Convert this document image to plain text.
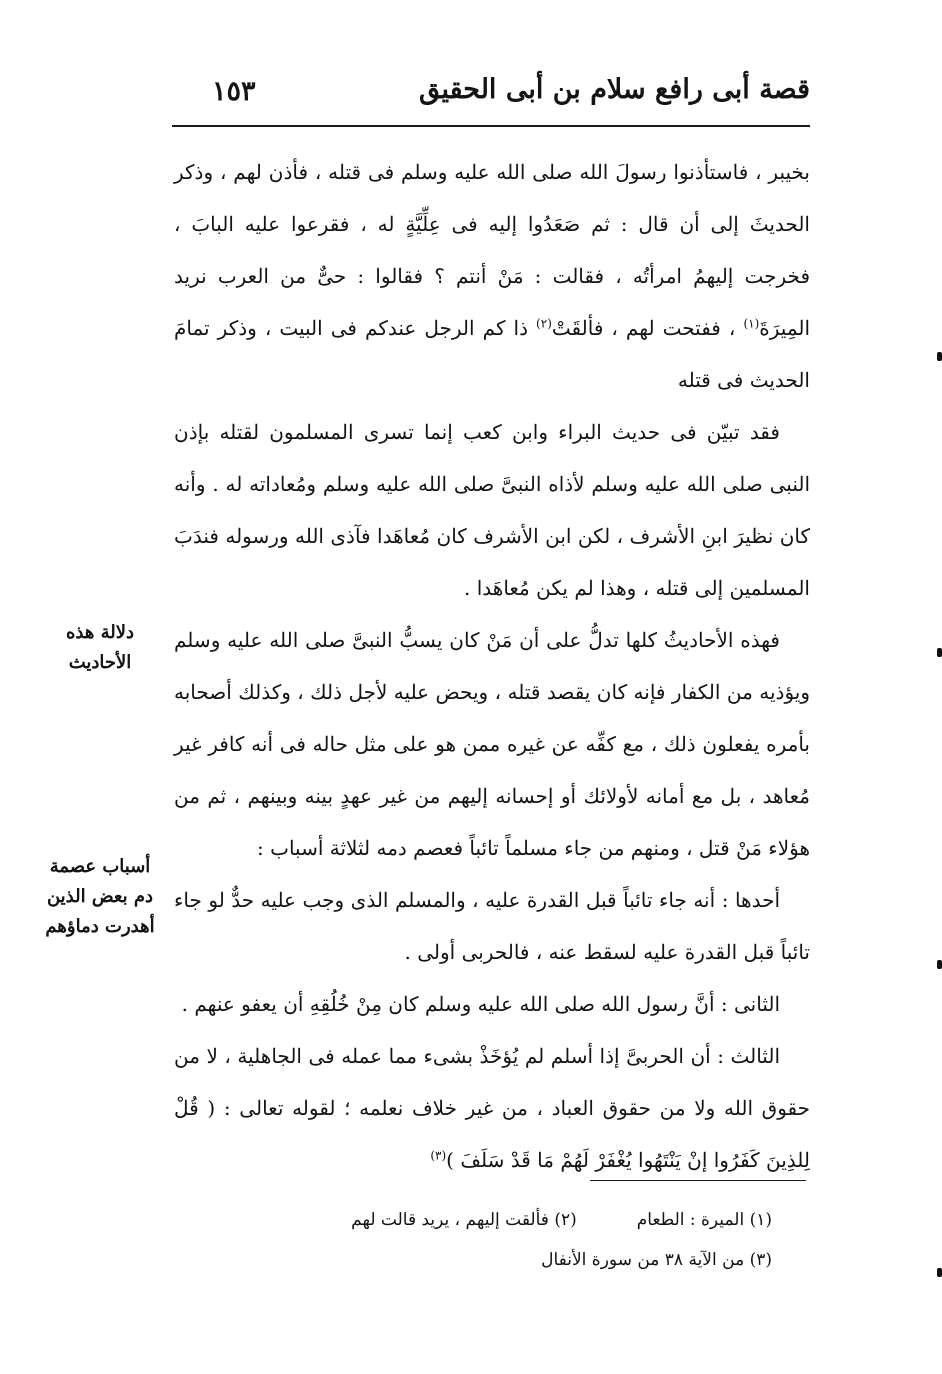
قصة أبى رافع سلام بن أبى الحقيق
١٥٣
دلالة هذه الأحاديث
أسباب عصمة دم بعض الذين أهدرت دماؤهم

بخيبر ، فاستأذنوا رسولَ الله صلى الله عليه وسلم فى قتله ، فأذن لهم ، وذكر الحديثَ إلى أن قال : ثم صَعَدُوا إليه فى عِلِّيَّةٍ له ، فقرعوا عليه البابَ ، فخرجت إليهمُ امرأتُه ، فقالت : مَنْ أنتم ؟ فقالوا : حىٌّ من العرب نريد المِيرَةَ$^{(١)}$ ، ففتحت لهم ، فألقَتْ$^{(٢)}$ ذا كم الرجل عندكم فى البيت ، وذكر تمامَ الحديث فى قتله

فقد تبيّن فى حديث البراء وابن كعب إنما تسرى المسلمون لقتله بإذن النبى صلى الله عليه وسلم لأذاه النبىَّ صلى الله عليه وسلم ومُعاداته له . وأنه كان نظيرَ ابنِ الأشرف ، لكن ابن الأشرف كان مُعاهَدا فآذى الله ورسوله فندَبَ المسلمين إلى قتله ، وهذا لم يكن مُعاهَدا .

فهذه الأحاديثُ كلها تدلُّ على أن مَنْ كان يسبُّ النبىَّ صلى الله عليه وسلم ويؤذيه من الكفار فإنه كان يقصد قتله ، ويحض عليه لأجل ذلك ، وكذلك أصحابه بأمره يفعلون ذلك ، مع كفِّه عن غيره ممن هو على مثل حاله فى أنه كافر غير مُعاهد ، بل مع أمانه لأولائك أو إحسانه إليهم من غير عهدٍ بينه وبينهم ، ثم من هؤلاء مَنْ قتل ، ومنهم من جاء مسلماً تائباً فعصم دمه لثلاثة أسباب :

أحدها : أنه جاء تائباً قبل القدرة عليه ، والمسلم الذى وجب عليه حدٌّ لو جاء تائباً قبل القدرة عليه لسقط عنه ، فالحربى أولى .

الثانى : أنَّ رسول الله صلى الله عليه وسلم كان مِنْ خُلُقِهِ أن يعفو عنهم .

الثالث : أن الحربىَّ إذا أسلم لم يُؤخَذْ بشىء مما عمله فى الجاهلية ، لا من حقوق الله ولا من حقوق العباد ، من غير خلاف نعلمه ؛ لقوله تعالى : ( قُلْ لِلذِينَ كَفَرُوا إنْ يَنْتَهُوا يُغْفَرْ لَهُمْ مَا قَدْ سَلَفَ )$^{(٣)}$

(١) الميرة : الطعام
(٢) فألقت إليهم ، يريد قالت لهم
(٣) من الآية ٣٨ من سورة الأنفال
